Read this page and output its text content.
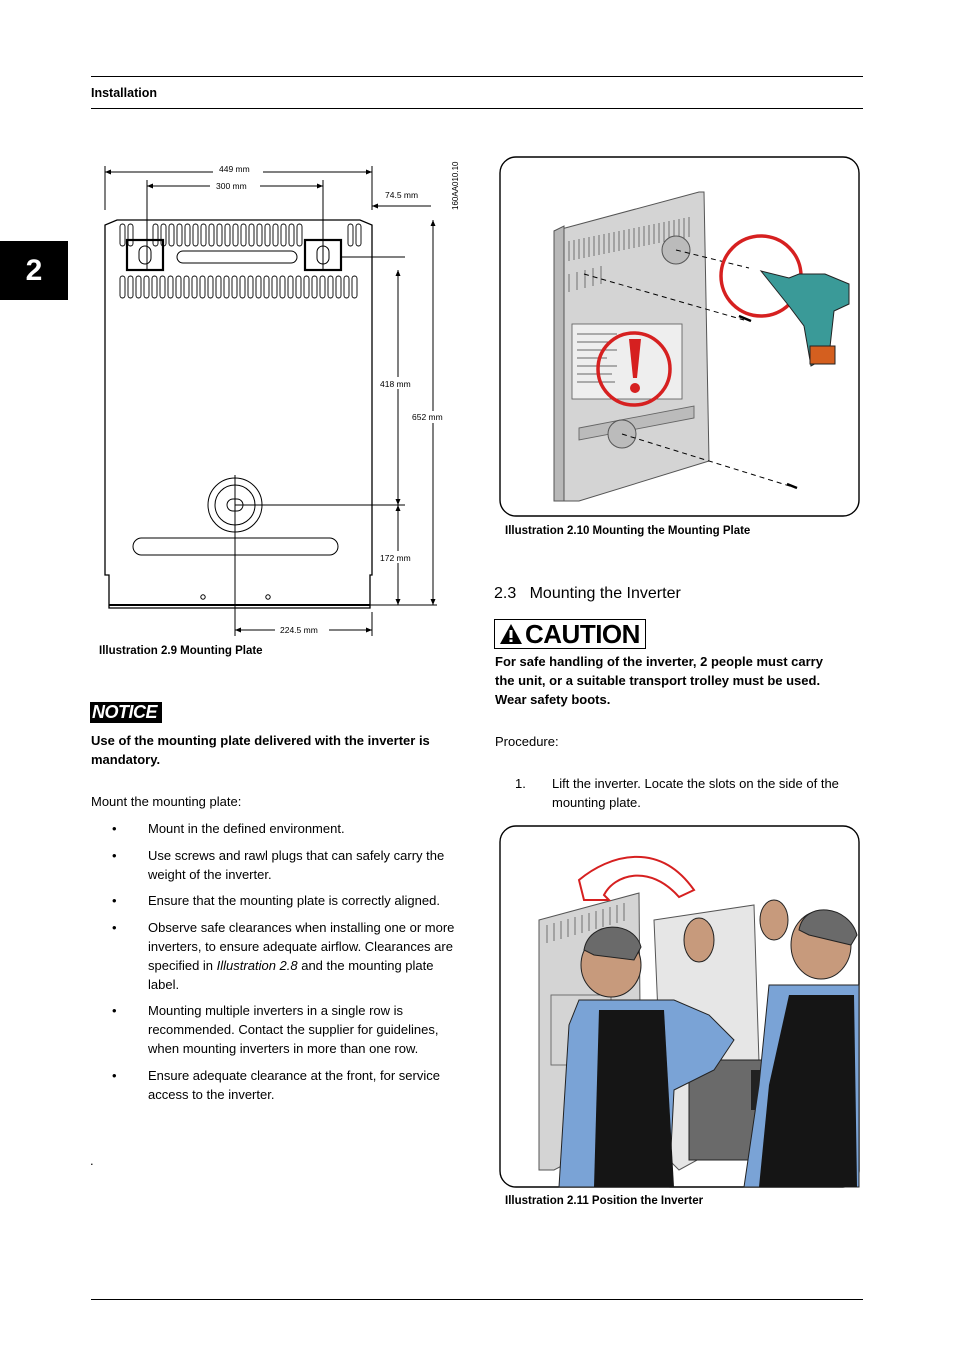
Installation
2
449 mm
300 mm
74.5 mm
418 mm
652 mm
172 mm
224.5 mm
160AA010.10
Illustration 2.9 Mounting Plate
NOTICE
Use of the mounting plate delivered with the inverter is mandatory.
Mount the mounting plate:
• Mount in the defined environment.
• Use screws and rawl plugs that can safely carry the weight of the inverter.
• Ensure that the mounting plate is correctly aligned.
• Observe safe clearances when installing one or more inverters, to ensure adequate airflow. Clearances are specified in Illustration 2.8 and the mounting plate label.
• Mounting multiple inverters in a single row is recommended. Contact the supplier for guidelines, when mounting inverters in more than one row.
• Ensure adequate clearance at the front, for service access to the inverter.
.
Illustration 2.10 Mounting the Mounting Plate
2.3 Mounting the Inverter
CAUTION
For safe handling of the inverter, 2 people must carry the unit, or a suitable transport trolley must be used. Wear safety boots.
Procedure:
1. Lift the inverter. Locate the slots on the side of the mounting plate.
Illustration 2.11 Position the Inverter
